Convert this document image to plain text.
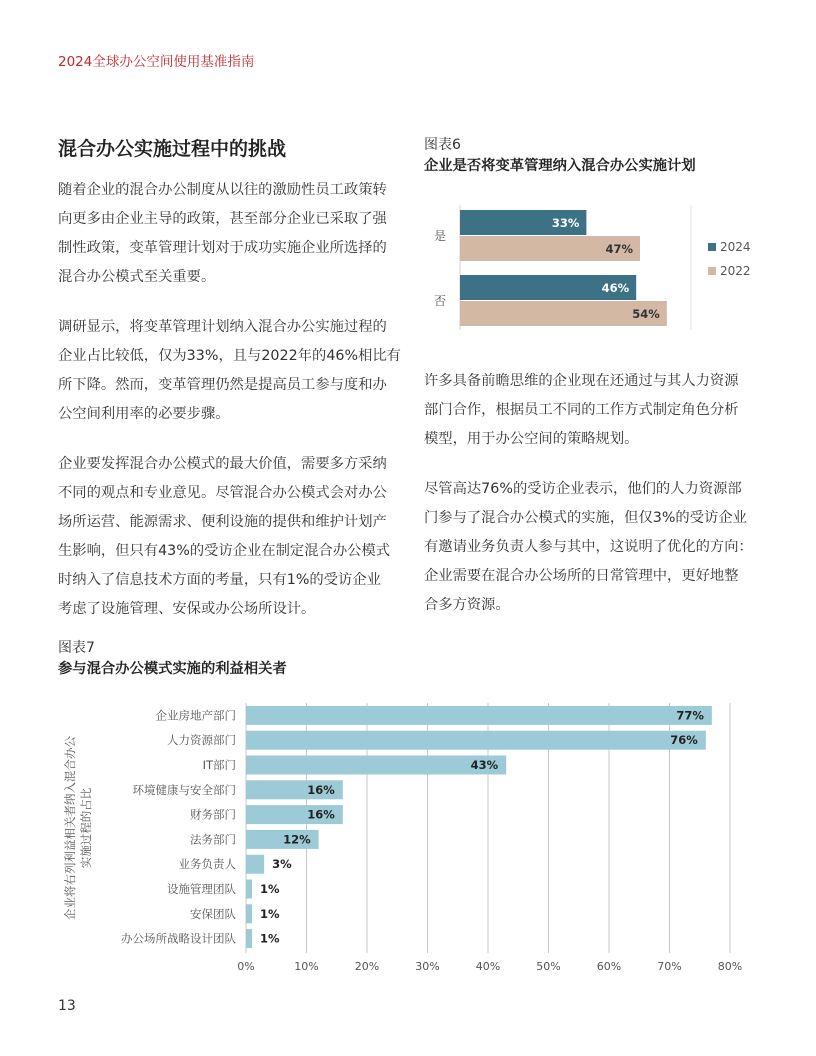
2024全球办公空间使用基准指南
混合办公实施过程中的挑战
随着企业的混合办公制度从以往的激励性员工政策转
向更多由企业主导的政策，甚至部分企业已采取了强
制性政策，变革管理计划对于成功实施企业所选择的
混合办公模式至关重要。
调研显示，将变革管理计划纳入混合办公实施过程的
企业占比较低，仅为33%，且与2022年的46%相比有
所下降。然而，变革管理仍然是提高员工参与度和办
公空间利用率的必要步骤。
企业要发挥混合办公模式的最大价值，需要多方采纳
不同的观点和专业意见。尽管混合办公模式会对办公
场所运营、能源需求、便利设施的提供和维护计划产
生影响，但只有43%的受访企业在制定混合办公模式
时纳入了信息技术方面的考量，只有1%的受访企业
考虑了设施管理、安保或办公场所设计。
图表6
企业是否将变革管理纳入混合办公实施计划
是
33%
47%
否
46%
54%
2024
2022
许多具备前瞻思维的企业现在还通过与其人力资源
部门合作，根据员工不同的工作方式制定角色分析
模型，用于办公空间的策略规划。
尽管高达76%的受访企业表示，他们的人力资源部
门参与了混合办公模式的实施，但仅3%的受访企业
有邀请业务负责人参与其中，这说明了优化的方向：
企业需要在混合办公场所的日常管理中，更好地整
合多方资源。
图表7
参与混合办公模式实施的利益相关者
0%	10%	20%	30%	40%	50%	60%	70%	80%
企业房地产部门	77%
人力资源部门	76%
IT部门	43%
环境健康与安全部门	16%
财务部门	16%
法务部门	12%
业务负责人	3%
设施管理团队 1%
安保团队 1%
办公场所战略设计团队 1%
企业将右列利益相关者纳入混合办公 实施过程的占比
13
